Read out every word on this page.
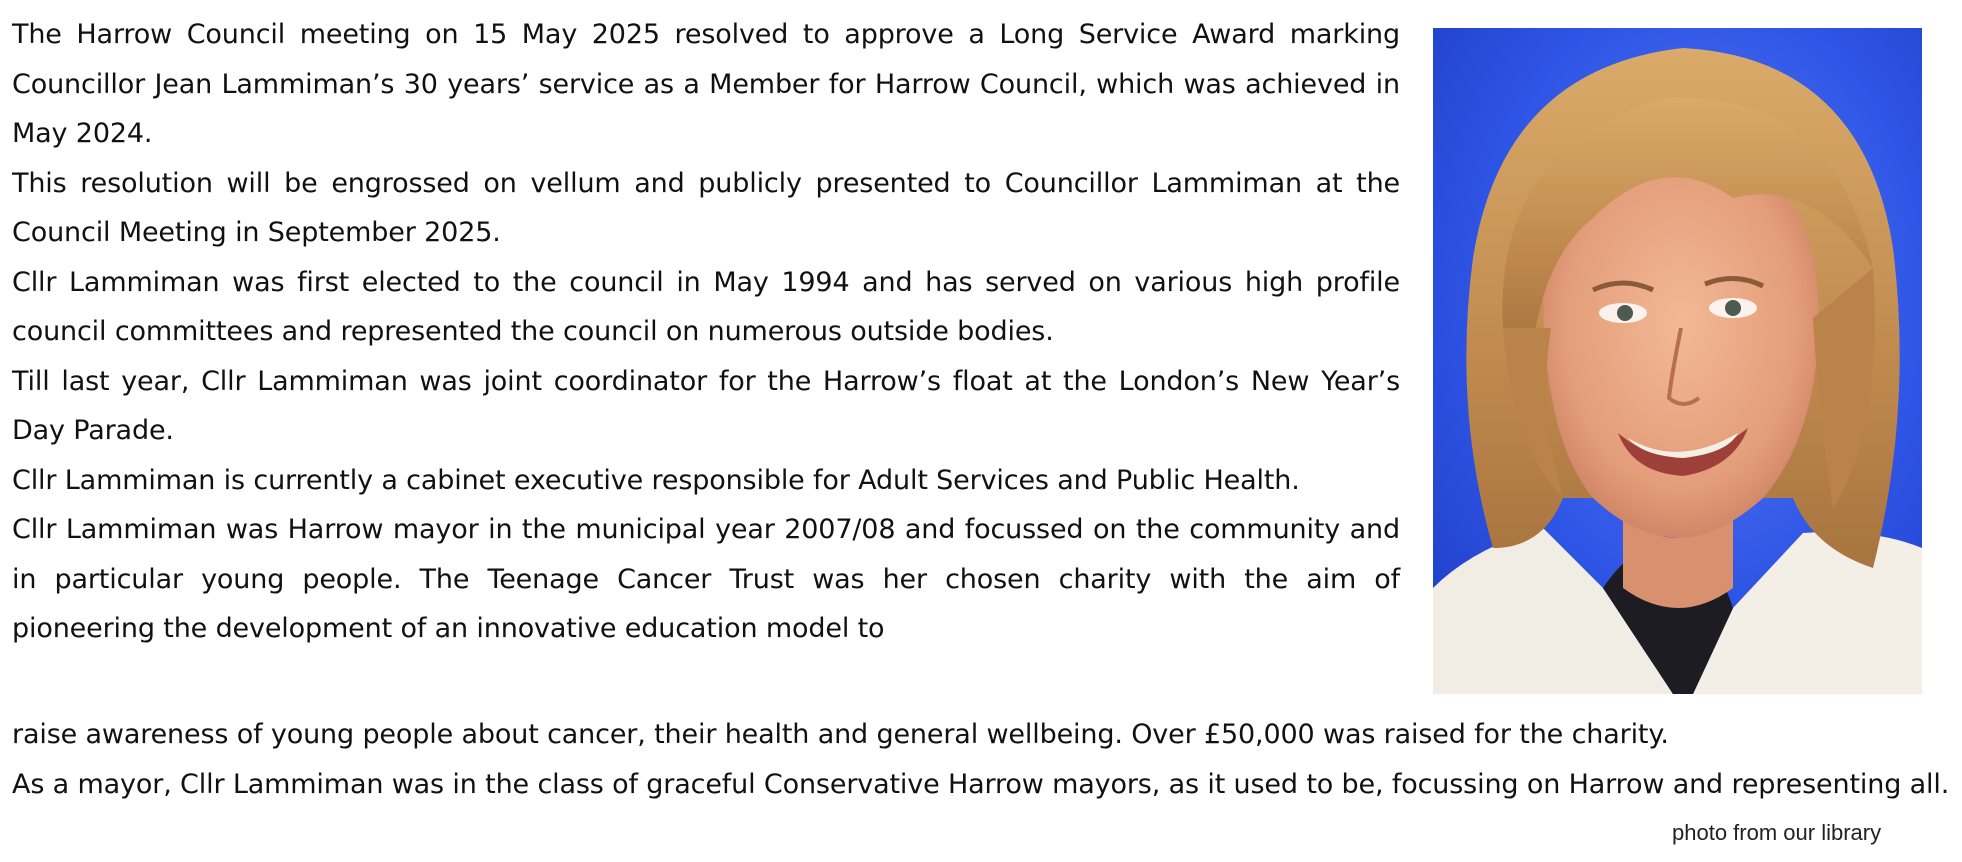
The Harrow Council meeting on 15 May 2025 resolved to approve a Long Service Award marking Councillor Jean Lammiman’s 30 years’ service as a Member for Harrow Council, which was achieved in May 2024.

This resolution will be engrossed on vellum and publicly presented to Councillor Lammiman at the Council Meeting in September 2025.

Cllr Lammiman was first elected to the council in May 1994 and has served on various high profile council committees and represented the council on numerous outside bodies.

Till last year, Cllr Lammiman was joint coordinator for the Harrow’s float at the London’s New Year’s Day Parade.

Cllr Lammiman is currently a cabinet executive responsible for Adult Services and Public Health.

Cllr Lammiman was Harrow mayor in the municipal year 2007/08 and focussed on the community and in particular young people. The Teenage Cancer Trust was her chosen charity with the aim of pioneering the development of an innovative education model to

raise awareness of young people about cancer, their health and general wellbeing. Over £50,000 was raised for the charity.

As a mayor, Cllr Lammiman was in the class of graceful Conservative Harrow mayors, as it used to be, focussing on Harrow and representing all.

photo from our library
